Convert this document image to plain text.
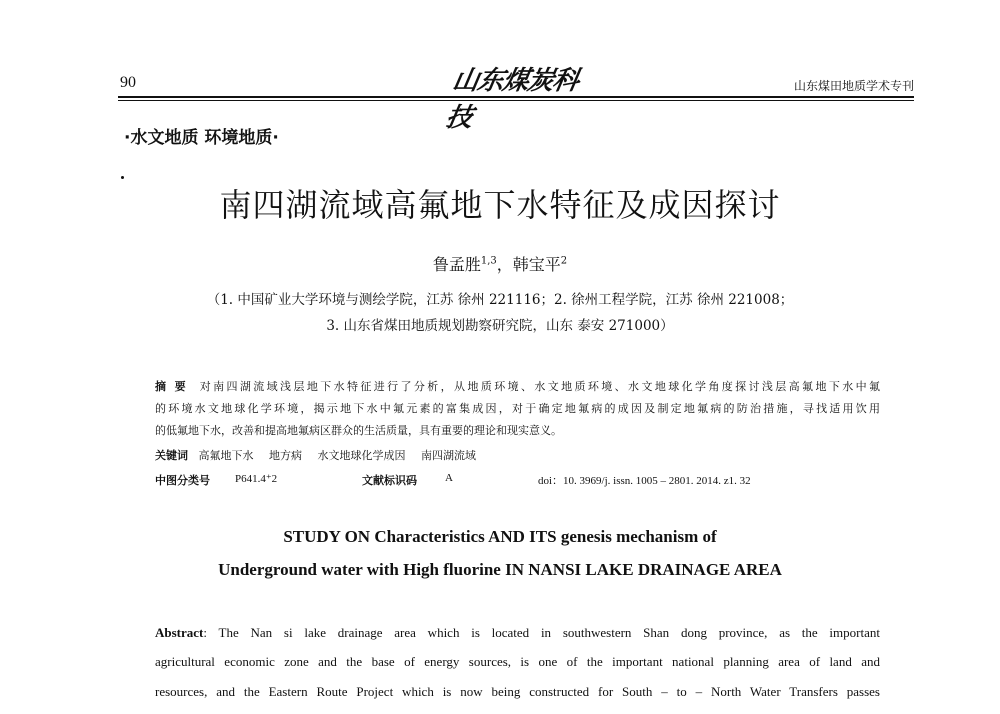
90	山东煤炭科技
山东煤田地质学术专刊
·水文地质 环境地质·
南四湖流域高氟地下水特征及成因探讨
鲁孟胜$^{1,3}$，韩宝平$^2$
（1. 中国矿业大学环境与测绘学院，江苏 徐州 221116；2. 徐州工程学院，江苏 徐州 221008；
3. 山东省煤田地质规划勘察研究院，山东 泰安 271000）
摘 要 对南四湖流域浅层地下水特征进行了分析，从地质环境、水文地质环境、水文地球化学角度探讨浅层高氟地下水中氟
的环境水文地球化学环境，揭示地下水中氟元素的富集成因，对于确定地氟病的成因及制定地氟病的防治措施，寻找适用饮用
的低氟地下水，改善和提高地氟病区群众的生活质量，具有重要的理论和现实意义。
关键词 高氟地下水 地方病 水文地球化学成因 南四湖流域
中图分类号 P641.4⁺2	文献标识码	A	doi：10. 3969/j. issn. 1005 – 2801. 2014. z1. 32
STUDY ON Characteristics AND ITS genesis mechanism of
Underground water with High fluorine IN NANSI LAKE DRAINAGE AREA
Abstract: The Nan si lake drainage area which is located in southwestern Shan dong province, as the important
agricultural economic zone and the base of energy sources, is one of the important national planning area of land and
resources, and the Eastern Route Project which is now being constructed for South – to – North Water Transfers passes
